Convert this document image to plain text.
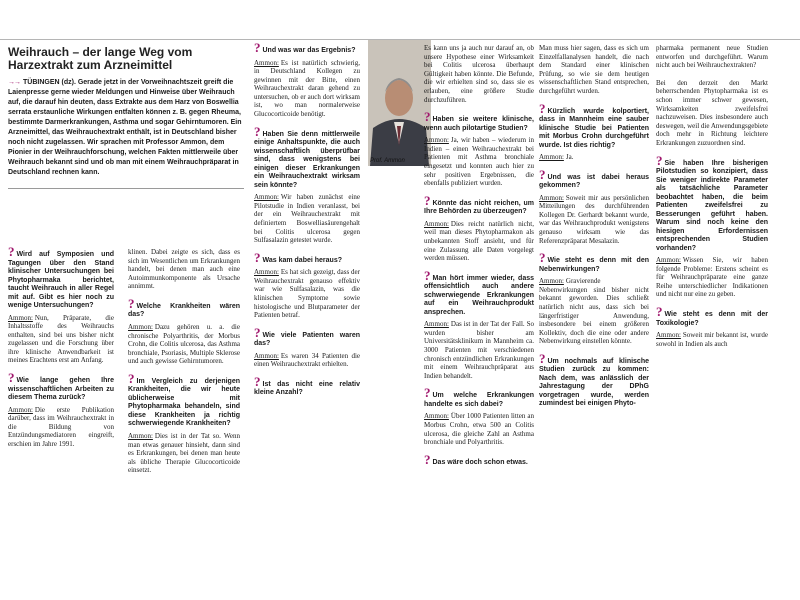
Weihrauch – der lange Weg vom Harzextrakt zum Arzneimittel

→→ TÜBINGEN (dz). Gerade jetzt in der Vorweihnachtszeit greift die Laienpresse gerne wieder Meldungen und Hinweise über Weihrauch auf, die darauf hin deuten, dass Extrakte aus dem Harz von Boswellia serrata erstaunliche Wirkungen entfalten können z. B. gegen Rheuma, bestimmte Darmerkrankungen, Asthma und sogar Gehirntumoren. Ein Arzneimittel, das Weihrauchextrakt enthält, ist in Deutschland bisher noch nicht zugelassen. Wir sprachen mit Professor Ammon, dem Pionier in der Weihrauchforschung, welchen Fakten mittlerweile über Weihrauch bekannt sind und ob man mit einem Weihrauchpräparat in Deutschland rechnen kann.

Prof. Ammon

? Wird auf Symposien und Tagungen über den Stand klinischer Untersuchungen bei Phytopharmaka berichtet, taucht Weihrauch in aller Regel mit auf. Gibt es hier noch zu wenige Untersuchungen?

Ammon: Nun, Präparate, die Inhaltsstoffe des Weihrauchs enthalten, sind bei uns bisher nicht zugelassen und die Forschung über ihre klinische Anwendbarkeit ist meines Erachtens erst am Anfang.

? Wie lange gehen Ihre wissenschaftlichen Arbeiten zu diesem Thema zurück?

Ammon: Die erste Publikation darüber, dass im Weihrauchextrakt in die Bildung von Entzündungsmediatoren eingreift, erschien im Jahre 1991.

klinen. Dabei zeigte es sich, dass es sich im Wesentlichen um Erkrankungen handelt, bei denen man auch eine Autoimmunkomponente als Ursache annimmt.

? Welche Krankheiten wären das?

Ammon: Dazu gehören u. a. die chronische Polyarthritis, der Morbus Crohn, die Colitis ulcerosa, das Asthma bronchiale, Psoriasis, Multiple Sklerose und auch gewisse Gehirntumoren.

? Im Vergleich zu derjenigen Krankheiten, die wir heute üblicherweise mit Phytopharmaka behandeln, sind diese Krankheiten ja richtig schwerwiegende Krankheiten?

Ammon: Dies ist in der Tat so. Wenn man etwas genauer hinsieht, dann sind es Erkrankungen, bei denen man heute als übliche Therapie Glucocorticoide einsetzt.

? Und was war das Ergebnis?

Ammon: Es ist natürlich schwierig, in Deutschland Kollegen zu gewinnen mit der Bitte, einen Weihrauchextrakt daran gehend zu untersuchen, ob er auch dort wirksam ist, wo man normalerweise Glucocorticoide benötigt.

? Haben Sie denn mittlerweile einige Anhaltspunkte, die auch wissenschaftlich überprüfbar sind, dass wenigstens bei einigen dieser Erkrankungen ein Weihrauchextrakt wirksam sein könnte?

Ammon: Wir haben zunächst eine Pilotstudie in Indien veranlasst, bei der ein Weihrauchextrakt mit definiertem Boswelliasäurengehalt bei Colitis ulcerosa gegen Sulfasalazin getestet wurde.

? Was kam dabei heraus?

Ammon: Es hat sich gezeigt, dass der Weihrauchextrakt genauso effektiv war wie Sulfasalazin, was die klinischen Symptome sowie histologische und Blutparameter der Patienten betraf.

? Wie viele Patienten waren das?

Ammon: Es waren 34 Patienten die einen Weihrauchextrakt erhielten.

? Ist das nicht eine relativ kleine Anzahl?

Es kann uns ja auch nur darauf an, ob unsere Hypothese einer Wirksamkeit bei Colitis ulcerosa überhaupt Gültigkeit haben könnte. Die Befunde, die wir erhielten sind so, dass sie es erlauben, eine größere Studie durchzuführen.

? Haben sie weitere klinische, wenn auch pilotartige Studien?

Ammon: Ja, wir haben – wiederum in Indien – einen Weihrauchextrakt bei Patienten mit Asthma bronchiale eingesetzt und konnten auch hier zu sehr positiven Ergebnissen, die ebenfalls publiziert wurden.

? Könnte das nicht reichen, um Ihre Behörden zu überzeugen?

Ammon: Dies reicht natürlich nicht, weil man dieses Phytopharmakon als unbekannten Stoff ansieht, und für eine Zulassung alle Daten vorgelegt werden müssen.

? Man hört immer wieder, dass offensichtlich auch andere schwerwiegende Erkrankungen auf ein Weihrauchprodukt ansprechen.

Ammon: Das ist in der Tat der Fall. So wurden bisher am Universitätsklinikum in Mannheim ca. 3000 Patienten mit verschiedenen chronisch entzündlichen Erkrankungen mit einem Weihrauchpräparat aus Indien behandelt.

? Um welche Erkrankungen handelte es sich dabei?

Ammon: Über 1000 Patienten litten an Morbus Crohn, etwa 500 an Colitis ulcerosa, die gleiche Zahl an Asthma bronchiale und Polyarthritis.

? Das wäre doch schon etwas.

Man muss hier sagen, dass es sich um Einzelfallanalysen handelt, die nach dem Standard einer klinischen Prüfung, so wie sie dem heutigen wissenschaftlichen Stand entsprechen, durchgeführt wurden.

? Kürzlich wurde kolportiert, dass in Mannheim eine sauber klinische Studie bei Patienten mit Morbus Crohn durchgeführt wurde. Ist dies richtig?

Ammon: Ja.

? Und was ist dabei heraus gekommen?

Ammon: Soweit mir aus persönlichen Mitteilungen des durchführenden Kollegen Dr. Gerhardt bekannt wurde, war das Weihrauchprodukt wenigstens genauso wirksam wie das Referenzpräparat Mesalazin.

? Wie steht es denn mit den Nebenwirkungen?

Ammon: Gravierende Nebenwirkungen sind bisher nicht bekannt geworden. Dies schließt natürlich nicht aus, dass sich bei längerfristiger Anwendung, insbesondere bei einem größeren Kollektiv, doch die eine oder andere Nebenwirkung einstellen könnte.

? Um nochmals auf klinische Studien zurück zu kommen: Nach dem, was anlässlich der Jahrestagung der DPhG vorgetragen wurde, werden zumindest bei einigen Phyto-

pharmaka permanent neue Studien entworfen und durchgeführt. Warum nicht auch bei Weihrauchextrakten?

Bei den derzeit den Markt beherrschenden Phytopharmaka ist es schon immer schwer gewesen, Wirksamkeiten zweifelsfrei nachzuweisen. Dies insbesondere auch deswegen, weil die Anwendungsgebiete doch mehr in Richtung leichtere Erkrankungen zuzuordnen sind.

? Sie haben Ihre bisherigen Pilotstudien so konzipiert, dass Sie weniger indirekte Parameter als tatsächliche Parameter beobachtet haben, die beim Patienten zweifelsfrei zu Besserungen geführt haben. Warum sind noch keine den hiesigen Erfordernissen entsprechenden Studien vorhanden?

Ammon: Wissen Sie, wir haben folgende Probleme: Erstens scheint es für Weihrauchpräparate eine ganze Reihe unterschiedlicher Indikationen und nicht nur eine zu geben.

? Wie steht es denn mit der Toxikologie?

Ammon: Soweit mir bekannt ist, wurde sowohl in Indien als auch
